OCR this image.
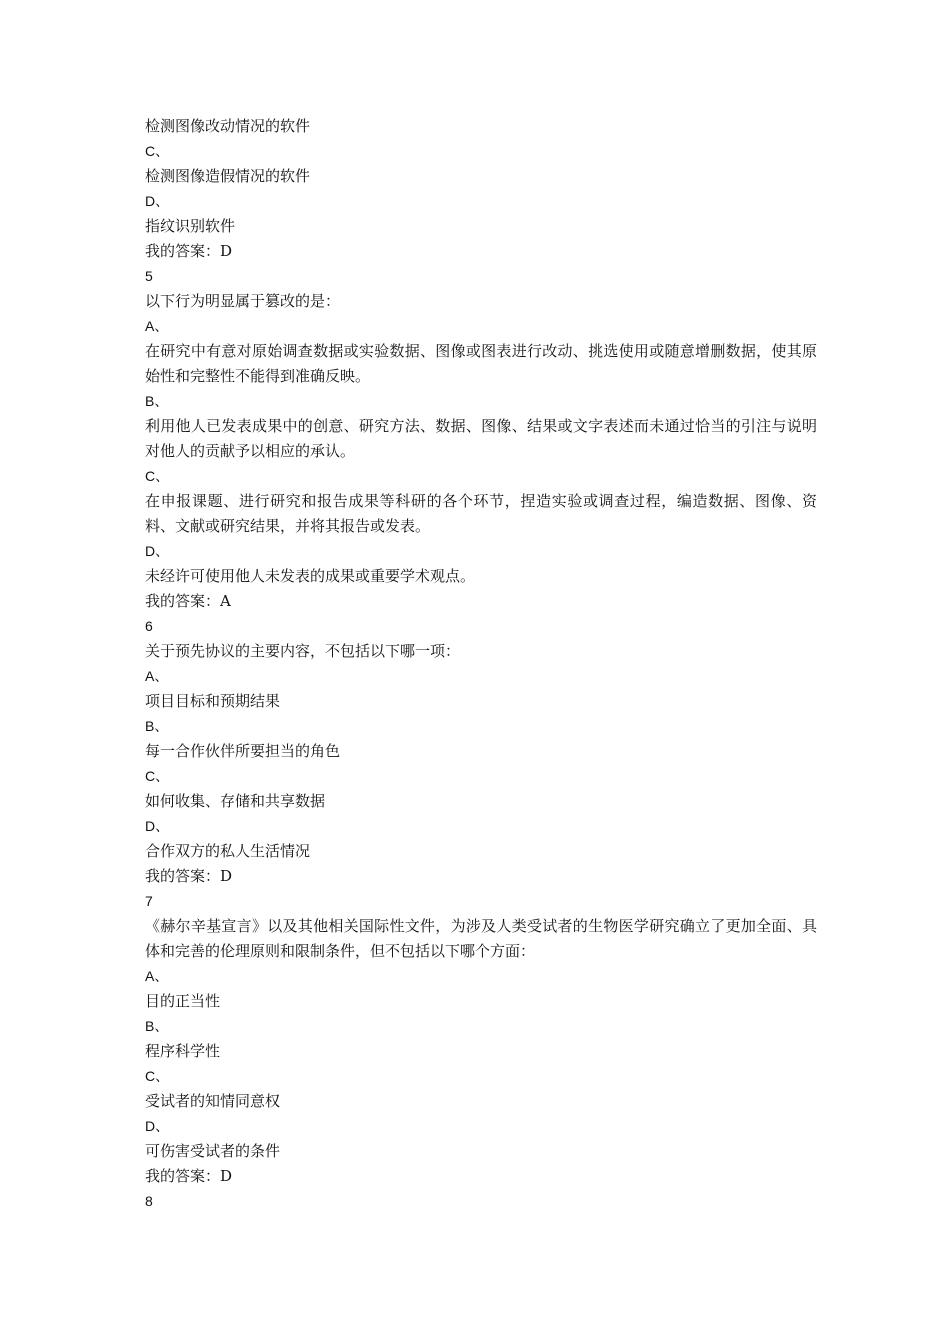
检测图像改动情况的软件
C、
检测图像造假情况的软件
D、
指纹识别软件
我的答案：D
5
以下行为明显属于篡改的是：
A、
在研究中有意对原始调查数据或实验数据、图像或图表进行改动、挑选使用或随意增删数据，使其原始性和完整性不能得到准确反映。
B、
利用他人已发表成果中的创意、研究方法、数据、图像、结果或文字表述而未通过恰当的引注与说明对他人的贡献予以相应的承认。
C、
在申报课题、进行研究和报告成果等科研的各个环节，捏造实验或调查过程，编造数据、图像、资料、文献或研究结果，并将其报告或发表。
D、
未经许可使用他人未发表的成果或重要学术观点。
我的答案：A
6
关于预先协议的主要内容，不包括以下哪一项：
A、
项目目标和预期结果
B、
每一合作伙伴所要担当的角色
C、
如何收集、存储和共享数据
D、
合作双方的私人生活情况
我的答案：D
7
《赫尔辛基宣言》以及其他相关国际性文件，为涉及人类受试者的生物医学研究确立了更加全面、具体和完善的伦理原则和限制条件，但不包括以下哪个方面：
A、
目的正当性
B、
程序科学性
C、
受试者的知情同意权
D、
可伤害受试者的条件
我的答案：D
8
